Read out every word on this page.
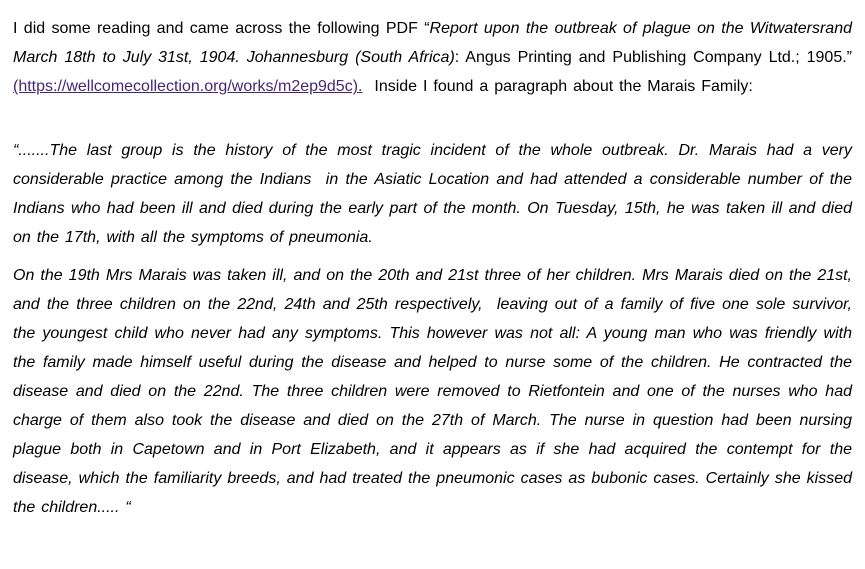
I did some reading and came across the following PDF “Report upon the outbreak of plague on the Witwatersrand March 18th to July 31st, 1904. Johannesburg (South Africa): Angus Printing and Publishing Company Ltd.; 1905.” (https://wellcomecollection.org/works/m2ep9d5c).  Inside I found a paragraph about the Marais Family:

“.......The last group is the history of the most tragic incident of the whole outbreak. Dr. Marais had a very considerable practice among the Indians  in the Asiatic Location and had attended a considerable number of the Indians who had been ill and died during the early part of the month. On Tuesday, 15th, he was taken ill and died on the 17th, with all the symptoms of pneumonia.

On the 19th Mrs Marais was taken ill, and on the 20th and 21st three of her children. Mrs Marais died on the 21st, and the three children on the 22nd, 24th and 25th respectively,  leaving out of a family of five one sole survivor, the youngest child who never had any symptoms. This however was not all: A young man who was friendly with the family made himself useful during the disease and helped to nurse some of the children. He contracted the disease and died on the 22nd. The three children were removed to Rietfontein and one of the nurses who had charge of them also took the disease and died on the 27th of March. The nurse in question had been nursing plague both in Capetown and in Port Elizabeth, and it appears as if she had acquired the contempt for the disease, which the familiarity breeds, and had treated the pneumonic cases as bubonic cases. Certainly she kissed the children..... “
